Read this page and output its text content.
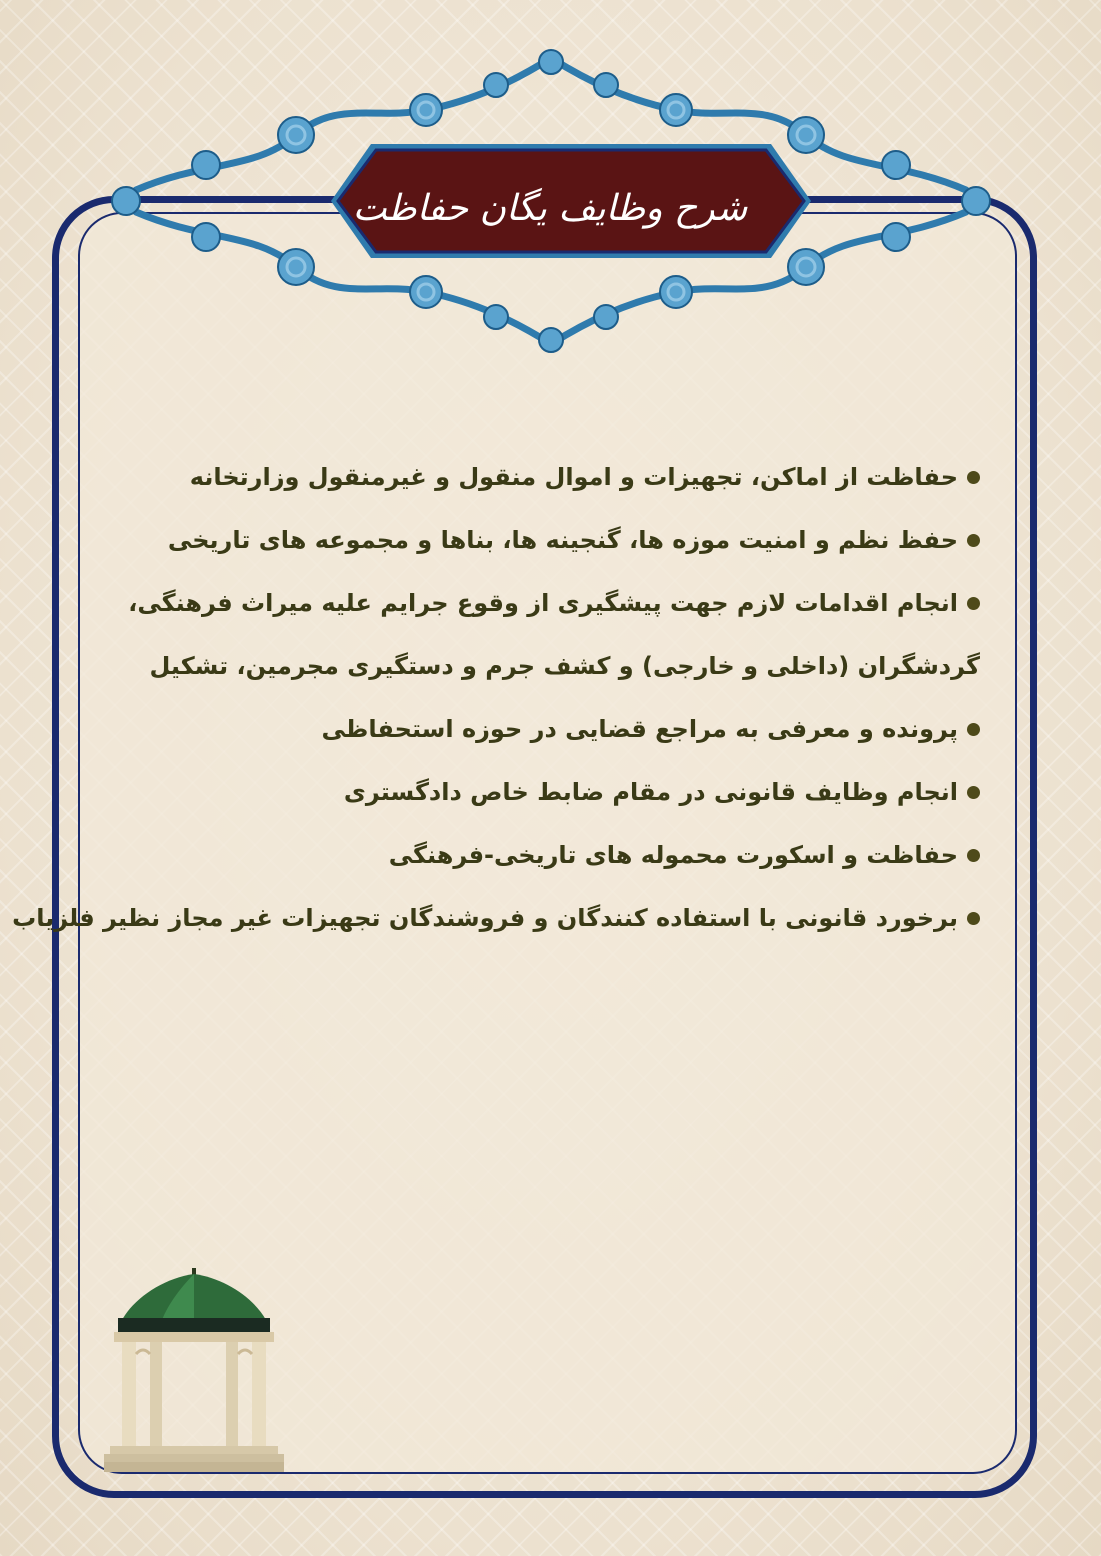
شرح وظایف یگان حفاظت
حفاظت از اماکن، تجهیزات و اموال منقول و غیرمنقول وزارتخانه
حفظ نظم و امنیت موزه ها، گنجینه ها، بناها و مجموعه های تاریخی
انجام اقدامات لازم جهت پیشگیری از وقوع جرایم علیه میراث فرهنگی،
گردشگران (داخلی و خارجی) و کشف جرم و دستگیری مجرمین، تشکیل
پرونده و معرفی به مراجع قضایی در حوزه استحفاظی
انجام وظایف قانونی در مقام ضابط خاص دادگستری
حفاظت و اسکورت محموله های تاریخی-فرهنگی
برخورد قانونی با استفاده کنندگان و فروشندگان تجهیزات غیر مجاز نظیر فلزیاب
